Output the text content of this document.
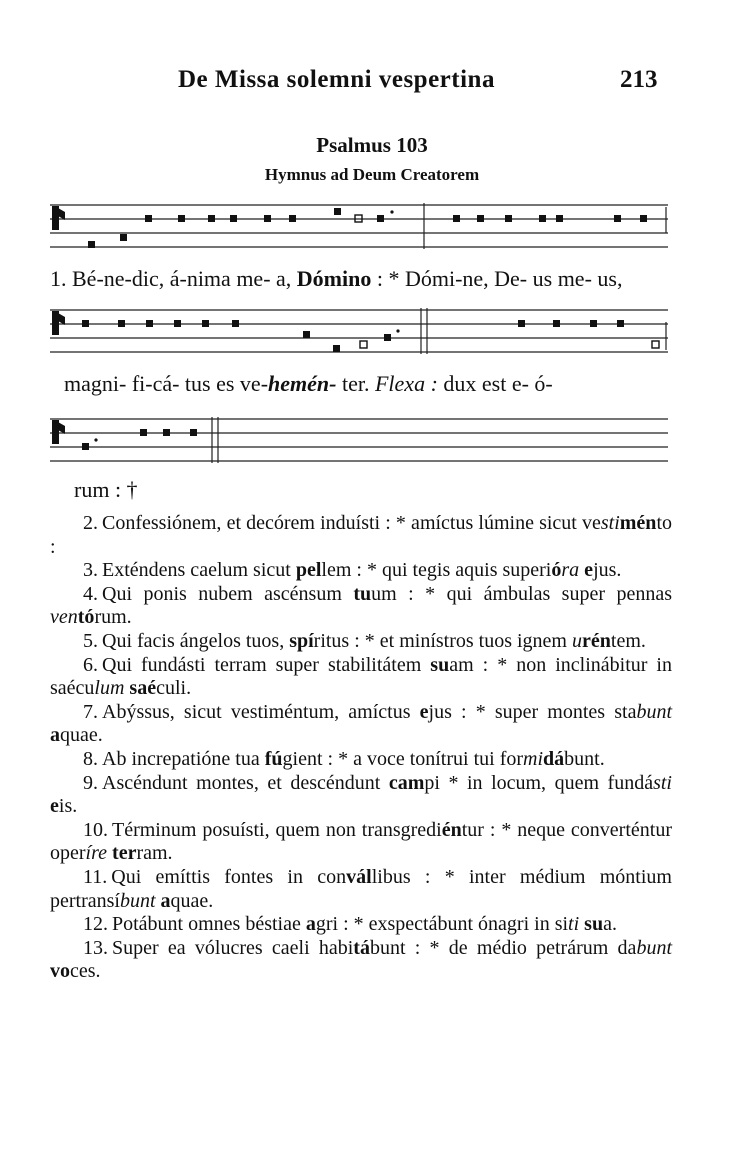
De Missa solemni vespertina	213
Psalmus 103
Hymnus ad Deum Creatorem
1. Bé-ne-dic, á-nima me- a, Dómino : * Dómi-ne, De- us me- us,
magni- fi-cá- tus es ve-hemén- ter. Flexa : dux est e- ó-
rum : †

2. Confessiónem, et decórem induísti : * amíctus lúmine sicut vestiménto :

3. Exténdens caelum sicut pellem : * qui tegis aquis superióra ejus.

4. Qui ponis nubem ascénsum tuum : * qui ámbulas super pennas ventórum.

5. Qui facis ángelos tuos, spíritus : * et minístros tuos ignem uréntem.

6. Qui fundásti terram super stabilitátem suam : * non inclinábitur in saéculum saéculi.

7. Abýssus, sicut vestiméntum, amíctus ejus : * super montes stabunt aquae.

8. Ab increpatióne tua fúgient : * a voce tonítrui tui formidábunt.

9. Ascéndunt montes, et descéndunt campi * in locum, quem fundásti eis.

10. Términum posuísti, quem non transgrediéntur : * neque converténtur operíre terram.

11. Qui emíttis fontes in convállibus : * inter médium móntium pertransíbunt aquae.

12. Potábunt omnes béstiae agri : * exspectábunt ónagri in siti sua.

13. Super ea vólucres caeli habitábunt : * de médio petrárum dabunt voces.
